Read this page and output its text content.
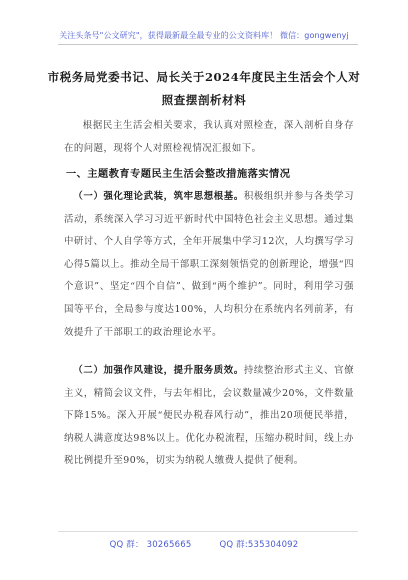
关注头条号"公文研究"，获得最新最全最专业的公文资料库！ 微信：gongwenyj
市税务局党委书记、局长关于2024年度民主生活会个人对
照查摆剖析材料
根据民主生活会相关要求，我认真对照检查，深入剖析自身存在的问题，现将个人对照检视情况汇报如下。
一、主题教育专题民主生活会整改措施落实情况
（一）强化理论武装，筑牢思想根基。积极组织并参与各类学习活动，系统深入学习习近平新时代中国特色社会主义思想。通过集中研讨、个人自学等方式，全年开展集中学习12次，人均撰写学习心得5篇以上。推动全局干部职工深刻领悟党的创新理论，增强“四个意识”、坚定“四个自信”、做到“两个维护”。同时，利用学习强国等平台，全局参与度达100%，人均积分在系统内名列前茅，有效提升了干部职工的政治理论水平。
（二）加强作风建设，提升服务质效。持续整治形式主义、官僚主义，精简会议文件，与去年相比，会议数量减少20%，文件数量下降15%。深入开展“便民办税春风行动”，推出20项便民举措，纳税人满意度达98%以上。优化办税流程，压缩办税时间，线上办税比例提升至90%，切实为纳税人缴费人提供了便利。
QQ 群： 30265665	QQ 群:535304092
